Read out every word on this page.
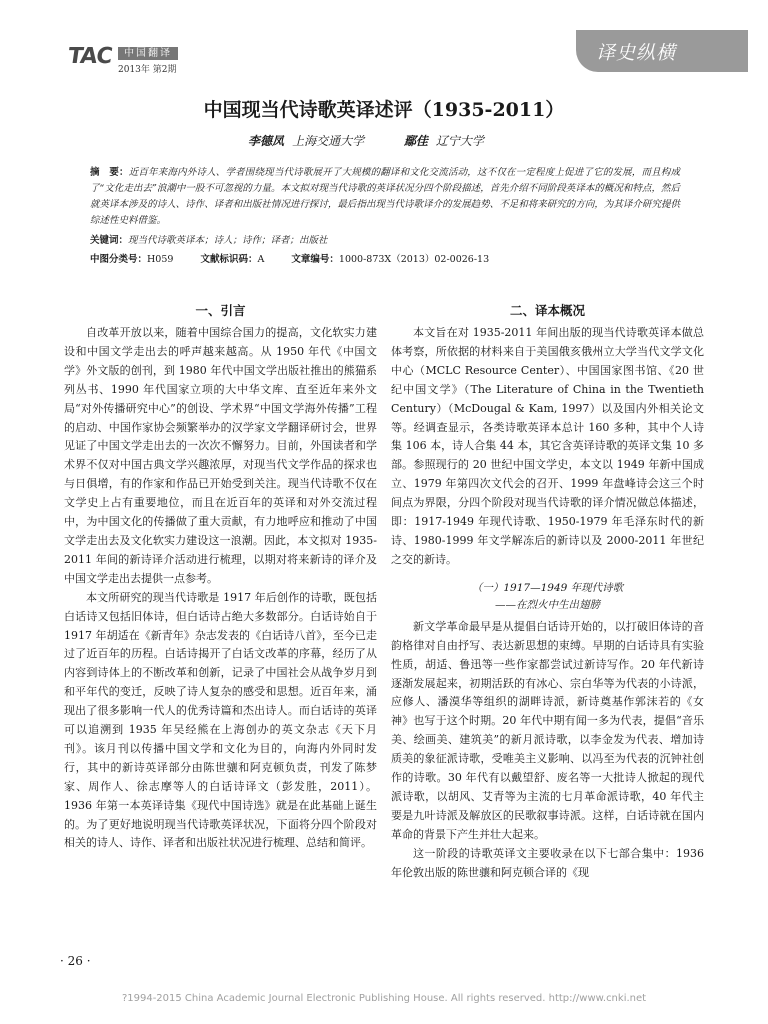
TAC	中国翻译
2013年 第2期
译史纵横
中国现当代诗歌英译述评（1935-2011）
李德凤 上海交通大学	鄢佳 辽宁大学
摘　要：近百年来海内外诗人、学者围绕现当代诗歌展开了大规模的翻译和文化交流活动，这不仅在一定程度上促进了它的发展，而且构成了“文化走出去”浪潮中一股不可忽视的力量。本文拟对现当代诗歌的英译状况分四个阶段描述，首先介绍不同阶段英译本的概况和特点，然后就英译本涉及的诗人、诗作、译者和出版社情况进行探讨，最后指出现当代诗歌译介的发展趋势、不足和将来研究的方向，为其译介研究提供综述性史料借鉴。
关键词：现当代诗歌英译本；诗人；诗作；译者；出版社
中图分类号：H059	文献标识码：A	文章编号：1000-873X（2013）02-0026-13
一、引言

自改革开放以来，随着中国综合国力的提高，文化软实力建设和中国文学走出去的呼声越来越高。从 1950 年代《中国文学》外文版的创刊，到 1980 年代中国文学出版社推出的熊猫系列丛书、1990 年代国家立项的大中华文库、直至近年来外文局“对外传播研究中心”的创设、学术界“中国文学海外传播”工程的启动、中国作家协会频繁举办的汉学家文学翻译研讨会，世界见证了中国文学走出去的一次次不懈努力。目前，外国读者和学术界不仅对中国古典文学兴趣浓厚，对现当代文学作品的探求也与日俱增，有的作家和作品已开始受到关注。现当代诗歌不仅在文学史上占有重要地位，而且在近百年的英译和对外交流过程中，为中国文化的传播做了重大贡献，有力地呼应和推动了中国文学走出去及文化软实力建设这一浪潮。因此，本文拟对 1935-2011 年间的新诗译介活动进行梳理，以期对将来新诗的译介及中国文学走出去提供一点参考。

本文所研究的现当代诗歌是 1917 年后创作的诗歌，既包括白话诗又包括旧体诗，但白话诗占绝大多数部分。白话诗始自于 1917 年胡适在《新青年》杂志发表的《白话诗八首》，至今已走过了近百年的历程。白话诗揭开了白话文改革的序幕，经历了从内容到诗体上的不断改革和创新，记录了中国社会从战争岁月到和平年代的变迁，反映了诗人复杂的感受和思想。近百年来，涌现出了很多影响一代人的优秀诗篇和杰出诗人。而白话诗的英译可以追溯到 1935 年吴经熊在上海创办的英文杂志《天下月刊》。该月刊以传播中国文学和文化为目的，向海内外同时发行，其中的新诗英译部分由陈世骧和阿克顿负责，刊发了陈梦家、周作人、徐志摩等人的白话诗译文（彭发胜，2011）。1936 年第一本英译诗集《现代中国诗选》就是在此基础上诞生的。为了更好地说明现当代诗歌英译状况，下面将分四个阶段对相关的诗人、诗作、译者和出版社状况进行梳理、总结和简评。

二、译本概况

本文旨在对 1935-2011 年间出版的现当代诗歌英译本做总体考察，所依据的材料来自于美国俄亥俄州立大学当代文学文化中心（MCLC Resource Center）、中国国家图书馆、《20 世纪中国文学》（The Literature of China in the Twentieth Century）（McDougal & Kam, 1997）以及国内外相关论文等。经调查显示，各类诗歌英译本总计 160 多种，其中个人诗集 106 本，诗人合集 44 本，其它含英译诗歌的英译文集 10 多部。参照现行的 20 世纪中国文学史，本文以 1949 年新中国成立、1979 年第四次文代会的召开、1999 年盘峰诗会这三个时间点为界限，分四个阶段对现当代诗歌的译介情况做总体描述，即：1917-1949 年现代诗歌、1950-1979 年毛泽东时代的新诗、1980-1999 年文学解冻后的新诗以及 2000-2011 年世纪之交的新诗。

（一）1917—1949 年现代诗歌
——在烈火中生出翅膀

新文学革命最早是从提倡白话诗开始的，以打破旧体诗的音韵格律对自由抒写、表达新思想的束缚。早期的白话诗具有实验性质，胡适、鲁迅等一些作家都尝试过新诗写作。20 年代新诗逐渐发展起来，初期活跃的有冰心、宗白华等为代表的小诗派，应修人、潘漠华等组织的湖畔诗派，新诗奠基作郭沫若的《女神》也写于这个时期。20 年代中期有闻一多为代表，提倡“音乐美、绘画美、建筑美”的新月派诗歌，以李金发为代表、增加诗质美的象征派诗歌，受唯美主义影响、以冯至为代表的沉钟社创作的诗歌。30 年代有以戴望舒、废名等一大批诗人掀起的现代派诗歌，以胡风、艾青等为主流的七月革命派诗歌，40 年代主要是九叶诗派及解放区的民歌叙事诗派。这样，白话诗就在国内革命的背景下产生并壮大起来。

这一阶段的诗歌英译文主要收录在以下七部合集中：1936 年伦敦出版的陈世骧和阿克顿合译的《现

· 26 ·
?1994-2015 China Academic Journal Electronic Publishing House. All rights reserved. http://www.cnki.net
